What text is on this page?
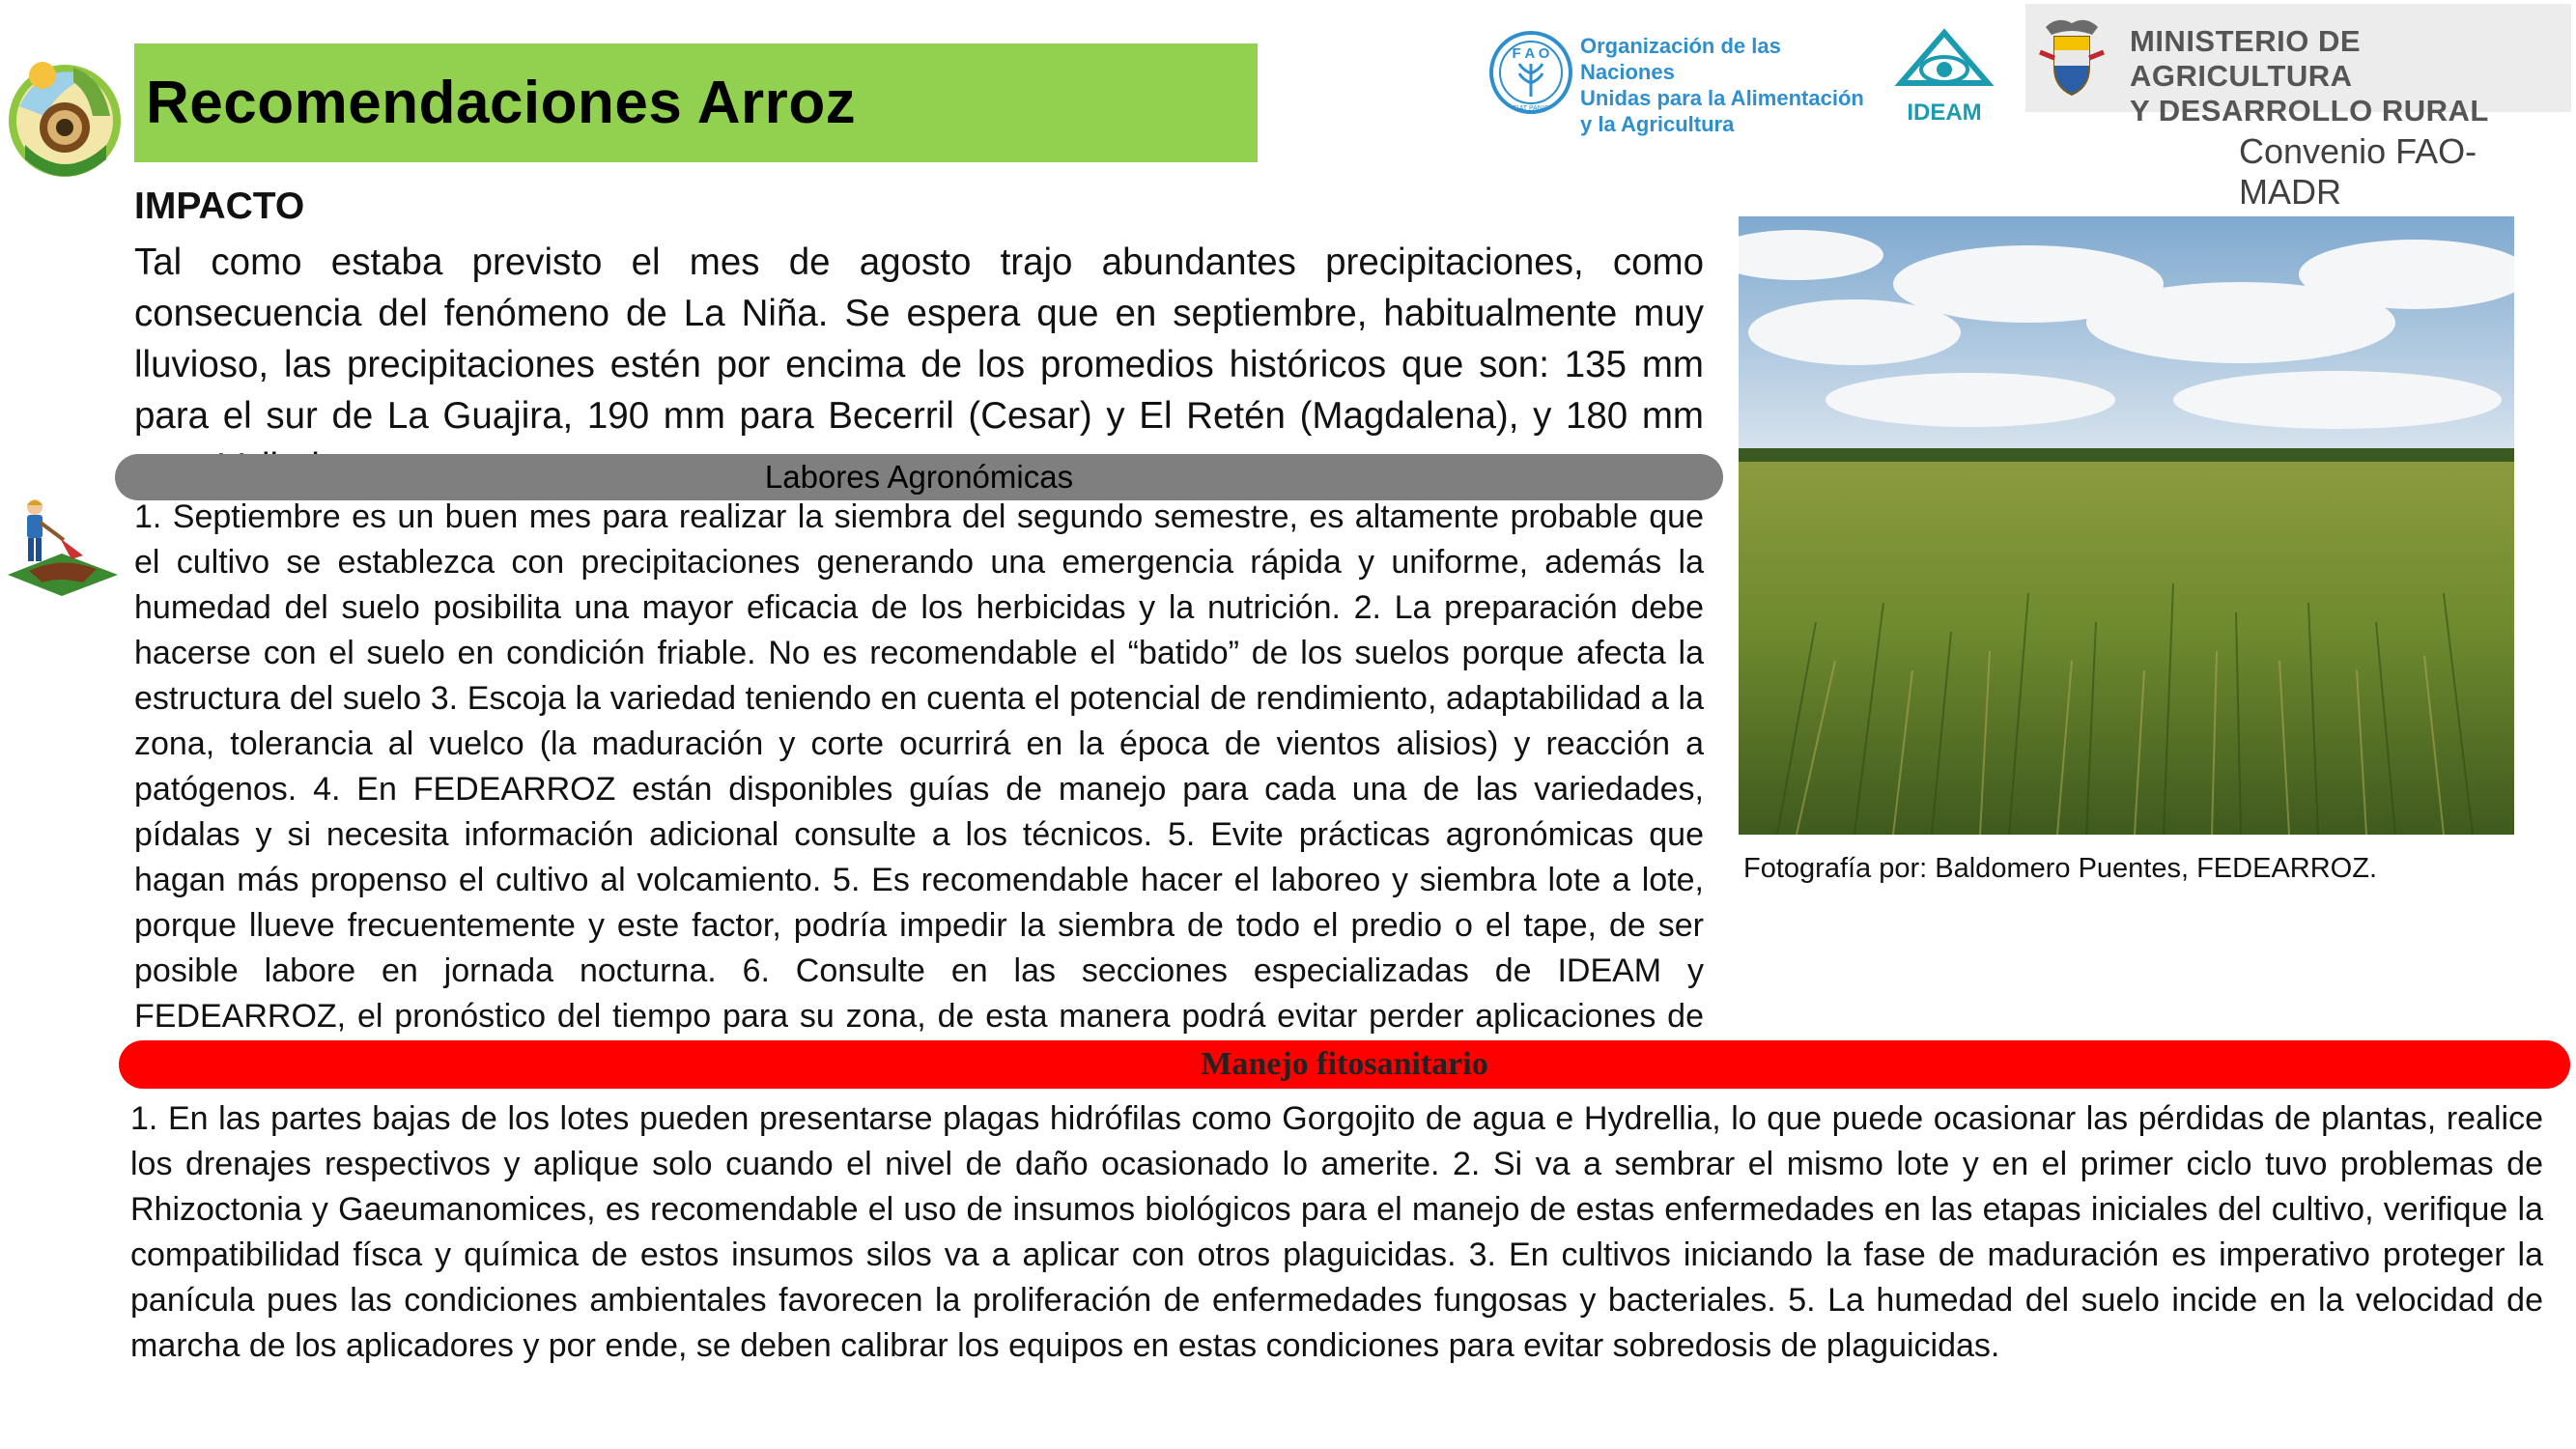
Recomendaciones Arroz
F A O
FIAT PANIS
Organización de las Naciones
Unidas para la Alimentación
y la Agricultura	IDEAM
MINISTERIO DE AGRICULTURA
Y DESARROLLO RURAL
Convenio FAO-MADR
IMPACTO
Tal como estaba previsto el mes de agosto trajo abundantes precipitaciones, como consecuencia del fenómeno de La Niña. Se espera que en septiembre, habitualmente muy lluvioso, las precipitaciones estén por encima de los promedios históricos que son: 135 mm para el sur de La Guajira, 190 mm para Becerril (Cesar) y El Retén (Magdalena), y 180 mm
Labores Agronómicas
1. Septiembre es un buen mes para realizar la siembra del segundo semestre, es altamente probable que el cultivo se establezca con precipitaciones generando una emergencia rápida y uniforme, además la humedad del suelo posibilita una mayor eficacia de los herbicidas y la nutrición. 2. La preparación debe hacerse con el suelo en condición friable. No es recomendable el “batido” de los suelos porque afecta la estructura del suelo 3. Escoja la variedad teniendo en cuenta el potencial de rendimiento, adaptabilidad a la zona, tolerancia al vuelco (la maduración y corte ocurrirá en la época de vientos alisios) y reacción a patógenos. 4. En FEDEARROZ están disponibles guías de manejo para cada una de las variedades, pídalas y si necesita información adicional consulte a los técnicos. 5. Evite prácticas agronómicas que hagan más propenso el cultivo al volcamiento. 5. Es recomendable hacer el laboreo y siembra lote a lote, porque llueve frecuentemente y este factor, podría impedir la siembra de todo el predio o el tape, de ser posible labore en jornada nocturna. 6. Consulte en las secciones especializadas de IDEAM y FEDEARROZ, el pronóstico del tiempo para su zona, de esta manera podrá evitar perder aplicaciones de
Fotografía por: Baldomero Puentes, FEDEARROZ.
Manejo fitosanitario
1. En las partes bajas de los lotes pueden presentarse plagas hidrófilas como Gorgojito de agua e Hydrellia, lo que puede ocasionar las pérdidas de plantas, realice los drenajes respectivos y aplique solo cuando el nivel de daño ocasionado lo amerite. 2. Si va a sembrar el mismo lote y en el primer ciclo tuvo problemas de Rhizoctonia y Gaeumanomices, es recomendable el uso de insumos biológicos para el manejo de estas enfermedades en las etapas iniciales del cultivo, verifique la compatibilidad físca y química de estos insumos silos va a aplicar con otros plaguicidas. 3. En cultivos iniciando la fase de maduración es imperativo proteger la panícula pues las condiciones ambientales favorecen la proliferación de enfermedades fungosas y bacteriales. 5. La humedad del suelo incide en la velocidad de marcha de los aplicadores y por ende, se deben calibrar los equipos en estas condiciones para evitar sobredosis de plaguicidas.
